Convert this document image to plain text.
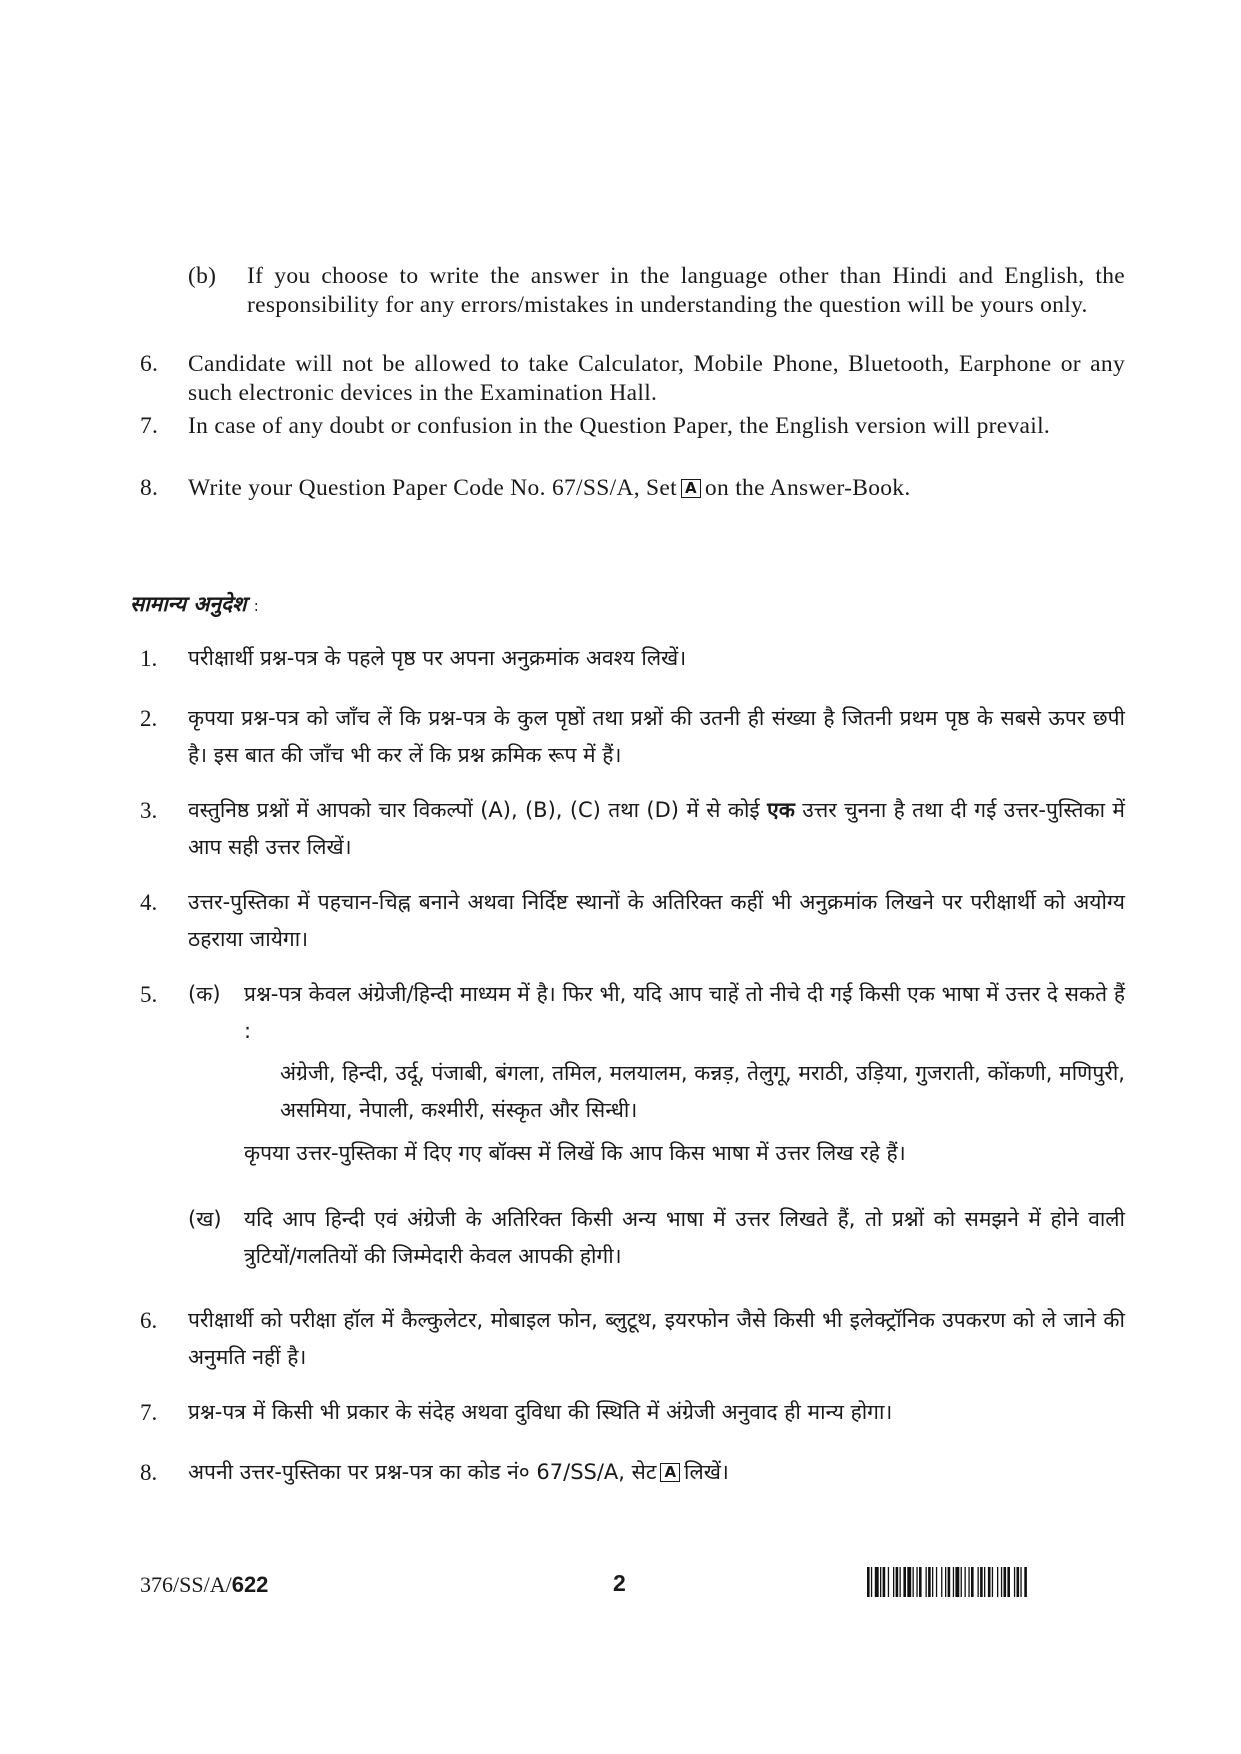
(b) If you choose to write the answer in the language other than Hindi and English, the responsibility for any errors/mistakes in understanding the question will be yours only.
6.	Candidate will not be allowed to take Calculator, Mobile Phone, Bluetooth, Earphone or any such electronic devices in the Examination Hall.
7.	In case of any doubt or confusion in the Question Paper, the English version will prevail.
8.	Write your Question Paper Code No. 67/SS/A, Set A on the Answer-Book.
सामान्य अनुदेश :
1.	परीक्षार्थी प्रश्न-पत्र के पहले पृष्ठ पर अपना अनुक्रमांक अवश्य लिखें।
2.	कृपया प्रश्न-पत्र को जाँच लें कि प्रश्न-पत्र के कुल पृष्ठों तथा प्रश्नों की उतनी ही संख्या है जितनी प्रथम पृष्ठ के सबसे ऊपर छपी है। इस बात की जाँच भी कर लें कि प्रश्न क्रमिक रूप में हैं।
3.	वस्तुनिष्ठ प्रश्नों में आपको चार विकल्पों (A), (B), (C) तथा (D) में से कोई एक उत्तर चुनना है तथा दी गई उत्तर-पुस्तिका में आप सही उत्तर लिखें।
4.	उत्तर-पुस्तिका में पहचान-चिह्न बनाने अथवा निर्दिष्ट स्थानों के अतिरिक्त कहीं भी अनुक्रमांक लिखने पर परीक्षार्थी को अयोग्य ठहराया जायेगा।
5.	(क) प्रश्न-पत्र केवल अंग्रेजी/हिन्दी माध्यम में है। फिर भी, यदि आप चाहें तो नीचे दी गई किसी एक भाषा में उत्तर दे सकते हैं :
अंग्रेजी, हिन्दी, उर्दू, पंजाबी, बंगला, तमिल, मलयालम, कन्नड़, तेलुगू, मराठी, उड़िया, गुजराती, कोंकणी, मणिपुरी, असमिया, नेपाली, कश्मीरी, संस्कृत और सिन्धी।
कृपया उत्तर-पुस्तिका में दिए गए बॉक्स में लिखें कि आप किस भाषा में उत्तर लिख रहे हैं।
(ख) यदि आप हिन्दी एवं अंग्रेजी के अतिरिक्त किसी अन्य भाषा में उत्तर लिखते हैं, तो प्रश्नों को समझने में होने वाली त्रुटियों/गलतियों की जिम्मेदारी केवल आपकी होगी।
6.	परीक्षार्थी को परीक्षा हॉल में कैल्कुलेटर, मोबाइल फोन, ब्लुटूथ, इयरफोन जैसे किसी भी इलेक्ट्रॉनिक उपकरण को ले जाने की अनुमति नहीं है।
7.	प्रश्न-पत्र में किसी भी प्रकार के संदेह अथवा दुविधा की स्थिति में अंग्रेजी अनुवाद ही मान्य होगा।
8.	अपनी उत्तर-पुस्तिका पर प्रश्न-पत्र का कोड नं० 67/SS/A, सेट A लिखें।
376/SS/A/622	2
